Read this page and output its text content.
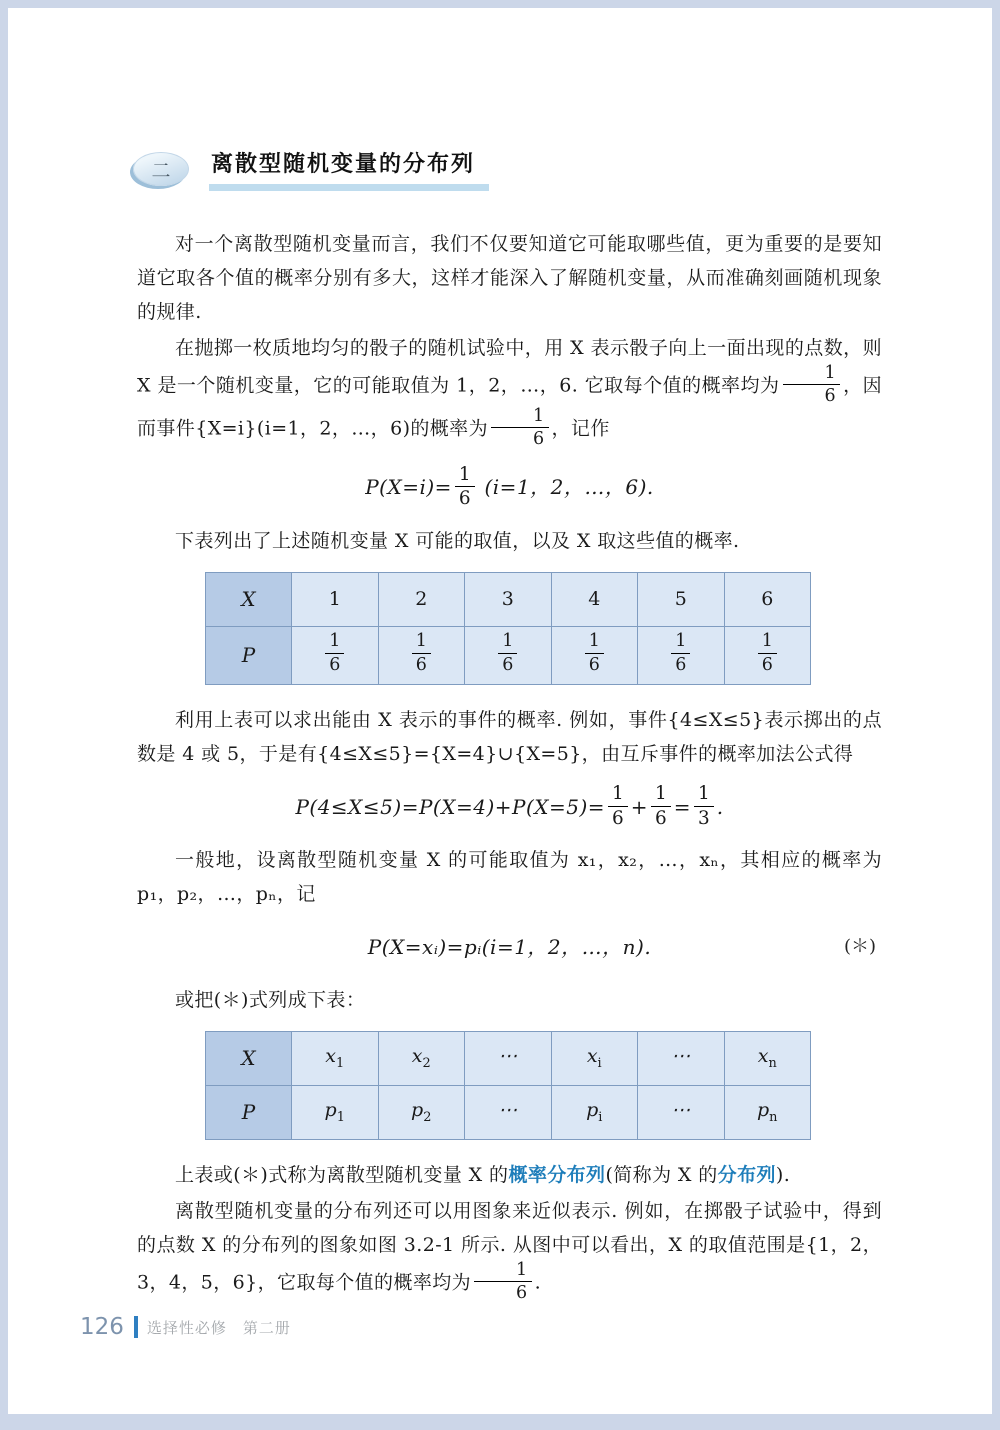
二	离散型随机变量的分布列

对一个离散型随机变量而言，我们不仅要知道它可能取哪些值，更为重要的是要知道它取各个值的概率分别有多大，这样才能深入了解随机变量，从而准确刻画随机现象的规律.

在抛掷一枚质地均匀的骰子的随机试验中，用 X 表示骰子向上一面出现的点数，则 X 是一个随机变量，它的可能取值为 1，2，…，6. 它取每个值的概率均为 $\frac{1}{6}$ ，因而事件{X=i}(i=1，2，…，6)的概率为 $\frac{1}{6}$ ，记作

$P(X=i)= \frac{1}{6} (i=1$，2，…，6).

下表列出了上述随机变量 X 可能的取值，以及 X 取这些值的概率.

X	1	2	3	4	5	6
P	$\frac{1}{6}$	$\frac{1}{6}$	$\frac{1}{6}$	$\frac{1}{6}$	$\frac{1}{6}$	$\frac{1}{6}$

利用上表可以求出能由 X 表示的事件的概率. 例如，事件{4≤X≤5}表示掷出的点数是 4 或 5，于是有{4≤X≤5}={X=4}∪{X=5}，由互斥事件的概率加法公式得

$P(4\le X\le 5)=P(X=4)+P(X=5)= \frac{1}{6} + \frac{1}{6} = \frac{1}{3}$ .

一般地，设离散型随机变量 X 的可能取值为 x₁，x₂，…，xₙ，其相应的概率为 p₁，p₂，…，pₙ，记

P(X=xᵢ)=pᵢ(i=1，2，…，n).	(＊)

或把(＊)式列成下表：

X	$x_1$	$x_2$	⋯	$x_i$	⋯	$x_n$
P	$p_1$	$p_2$	⋯	$p_i$	⋯	$p_n$

上表或(＊)式称为离散型随机变量 X 的概率分布列(简称为 X 的分布列).

离散型随机变量的分布列还可以用图象来近似表示. 例如，在掷骰子试验中，得到的点数 X 的分布列的图象如图 3.2-1 所示. 从图中可以看出，X 的取值范围是{1，2，3，4，5，6}，它取每个值的概率均为 $\frac{1}{6}$ .

126 选择性必修　第二册
